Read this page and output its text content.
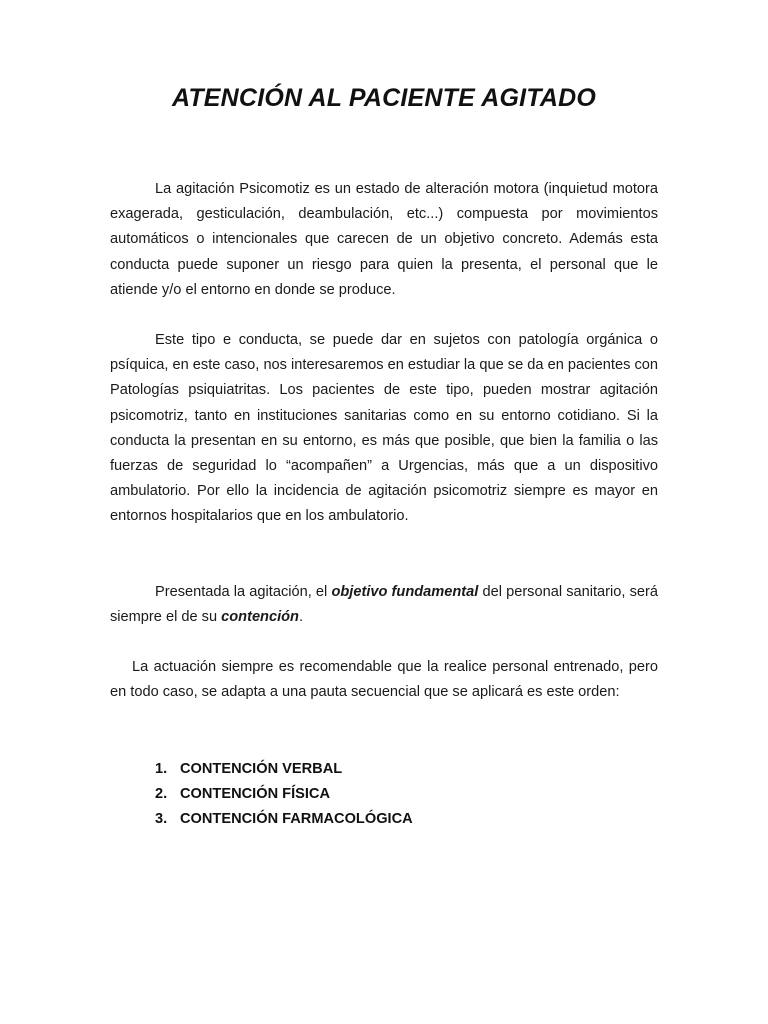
ATENCIÓN AL PACIENTE AGITADO

La agitación Psicomotiz es un estado de alteración motora (inquietud motora exagerada, gesticulación, deambulación, etc...) compuesta por movimientos automáticos o intencionales que carecen de un objetivo concreto. Además esta conducta puede suponer un riesgo para quien la presenta, el personal que le atiende y/o el entorno en donde se produce.

Este tipo e conducta, se puede dar en sujetos con patología orgánica o psíquica, en este caso, nos interesaremos en estudiar la que se da en pacientes con Patologías psiquiatritas. Los pacientes de este tipo, pueden mostrar agitación psicomotriz, tanto en instituciones sanitarias como en su entorno cotidiano. Si la conducta la presentan en su entorno, es más que posible, que bien la familia o las fuerzas de seguridad lo “acompañen” a Urgencias, más que a un dispositivo ambulatorio. Por ello la incidencia de agitación psicomotriz siempre es mayor en entornos hospitalarios que en los ambulatorio.

Presentada la agitación, el objetivo fundamental del personal sanitario, será siempre el de su contención.

La actuación siempre es recomendable que la realice personal entrenado, pero en todo caso, se adapta a una pauta secuencial que se aplicará es este orden:

1. CONTENCIÓN VERBAL
2. CONTENCIÓN FÍSICA
3. CONTENCIÓN FARMACOLÓGICA
